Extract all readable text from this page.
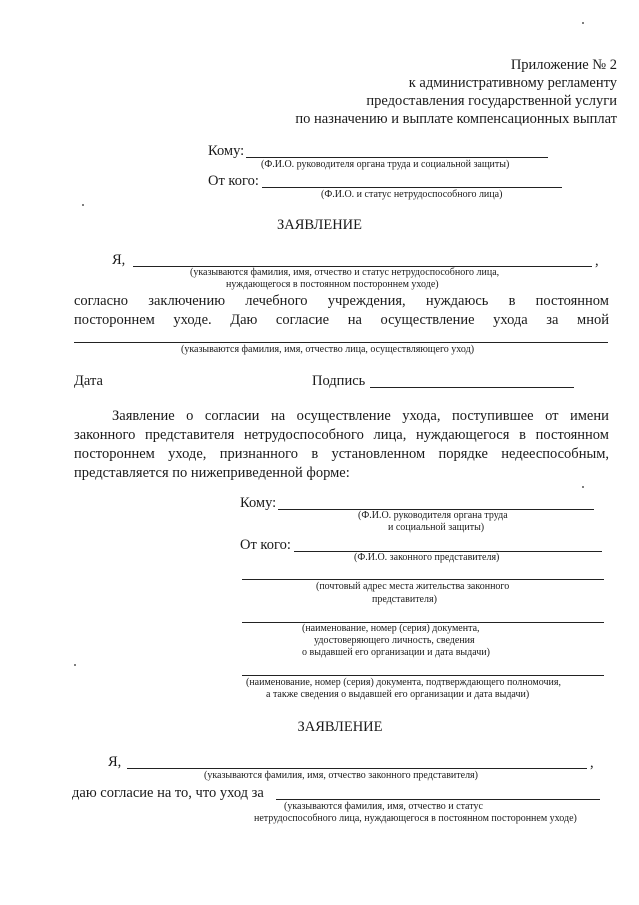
Приложение № 2
к административному регламенту
предоставления государственной услуги
по назначению и выплате компенсационных выплат
Кому:
(Ф.И.О. руководителя органа труда и социальной защиты)
От кого:
(Ф.И.О. и статус нетрудоспособного лица)
ЗАЯВЛЕНИЕ
Я,	,
(указываются фамилия, имя, отчество и статус нетрудоспособного лица,
нуждающегося в постоянном постороннем уходе)
согласно заключению лечебного учреждения, нуждаюсь в постоянном
постороннем уходе. Даю согласие на осуществление ухода за мной
(указываются фамилия, имя, отчество лица, осуществляющего уход)
Дата	Подпись
Заявление о согласии на осуществление ухода, поступившее от имени
законного представителя нетрудоспособного лица, нуждающегося в постоянном
постороннем уходе, признанного в установленном порядке недееспособным,
представляется по нижеприведенной форме:
Кому:
(Ф.И.О. руководителя органа труда
и социальной защиты)
От кого:
(Ф.И.О. законного представителя)
(почтовый адрес места жительства законного
представителя)
(наименование, номер (серия) документа,
удостоверяющего личность, сведения
о выдавшей его организации и дата выдачи)
(наименование, номер (серия) документа, подтверждающего полномочия,
а также сведения о выдавшей его организации и дата выдачи)
ЗАЯВЛЕНИЕ
Я,	,
(указываются фамилия, имя, отчество законного представителя)
даю согласие на то, что уход за
(указываются фамилия, имя, отчество и статус
нетрудоспособного лица, нуждающегося в постоянном постороннем уходе)
